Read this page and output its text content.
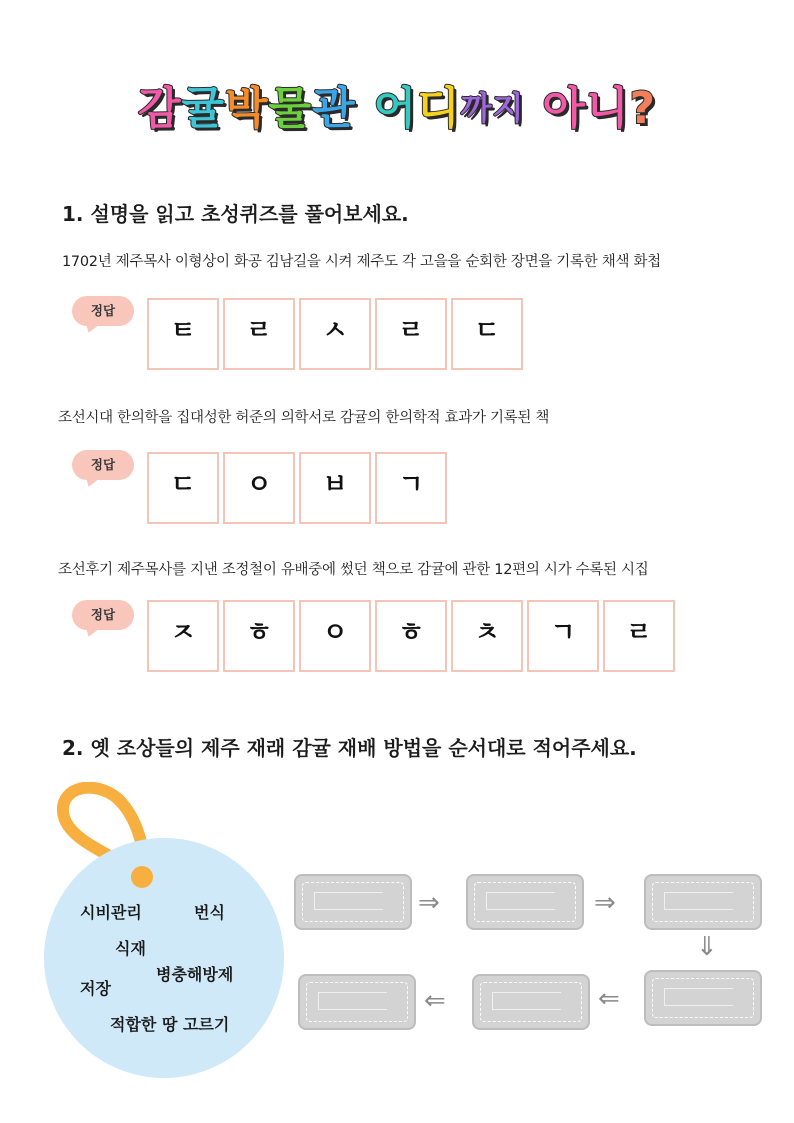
감귤박물관 어디까지 아니?
1. 설명을 읽고 초성퀴즈를 풀어보세요.
1702년 제주목사 이형상이 화공 김남길을 시켜 제주도 각 고을을 순회한 장면을 기록한 채색 화첩
정답
ㅌ	ㄹ	ㅅ	ㄹ	ㄷ
조선시대 한의학을 집대성한 허준의 의학서로 감귤의 한의학적 효과가 기록된 책
정답
ㄷ	ㅇ	ㅂ	ㄱ
조선후기 제주목사를 지낸 조정철이 유배중에 썼던 책으로 감귤에 관한 12편의 시가 수록된 시집
정답
ㅈ	ㅎ	ㅇ	ㅎ	ㅊ	ㄱ	ㄹ
2. 옛 조상들의 제주 재래 감귤 재배 방법을 순서대로 적어주세요.
시비관리	번식
식재
병충해방제
저장
적합한 땅 고르기
⇒	⇒
⇓
⇐
⇐
